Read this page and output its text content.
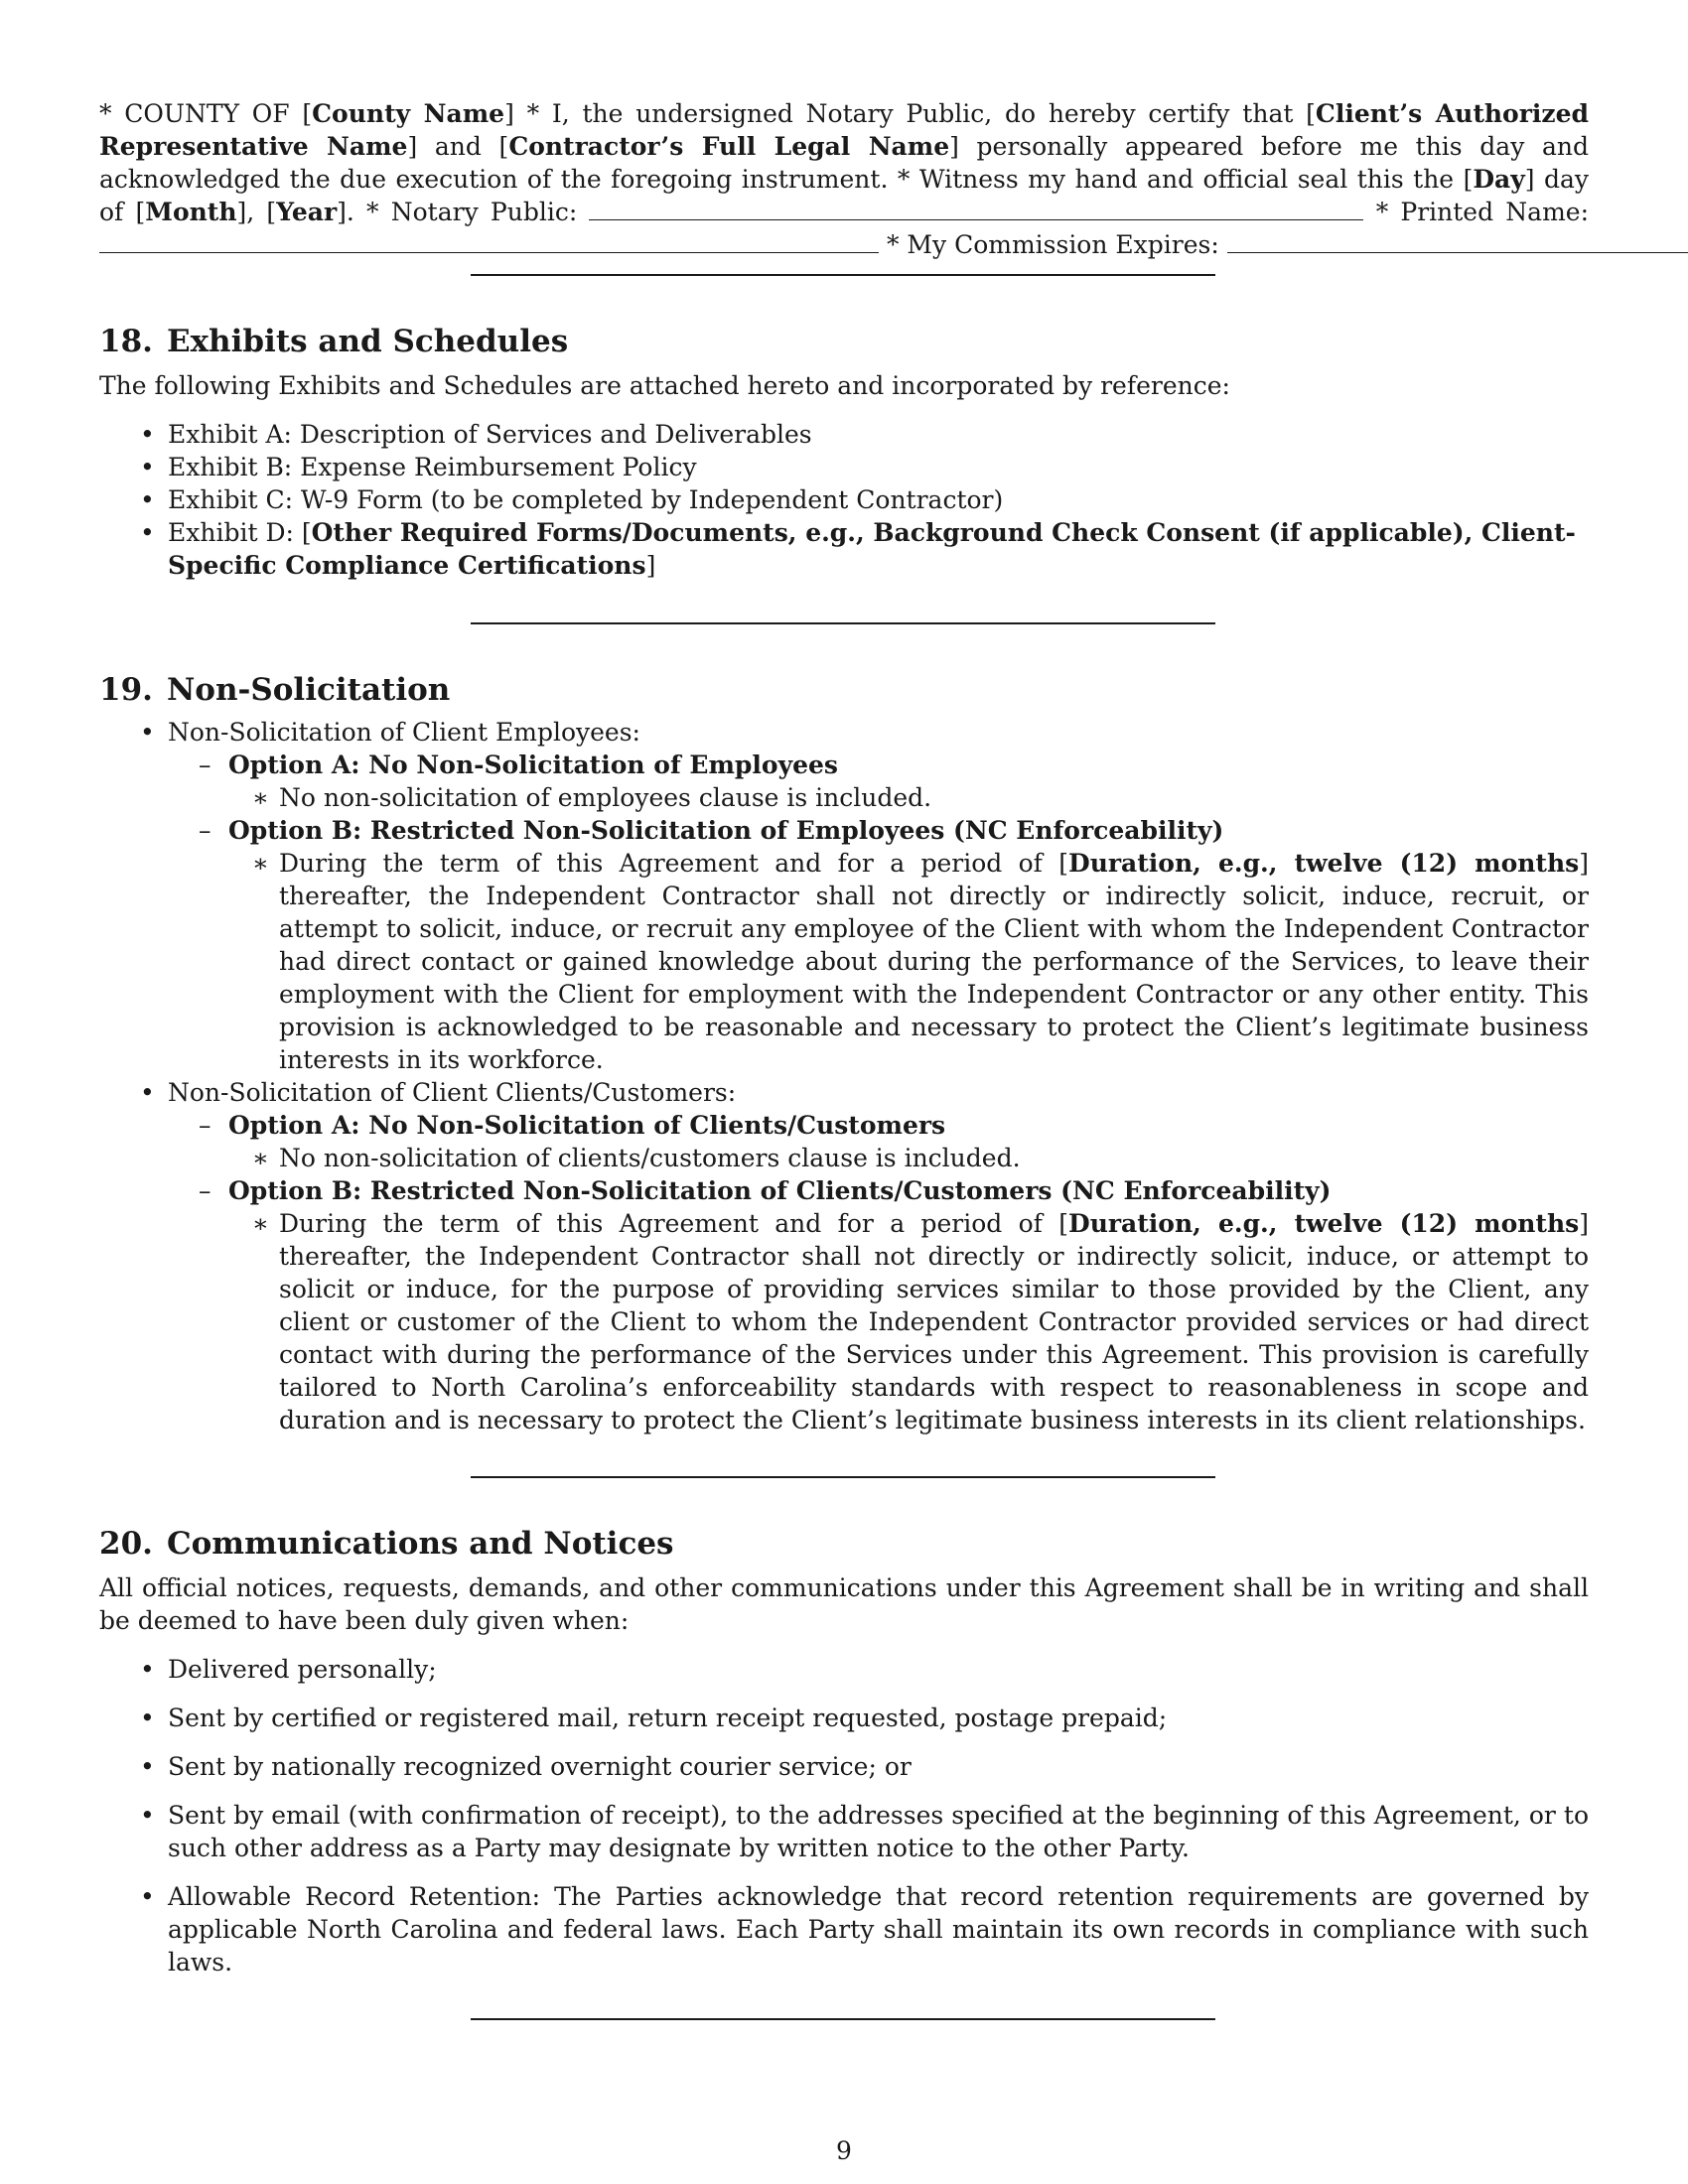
* COUNTY OF [County Name] * I, the undersigned Notary Public, do hereby certify that [Client’s Authorized Representative Name] and [Contractor’s Full Legal Name] personally appeared before me this day and acknowledged the due execution of the foregoing instrument. * Witness my hand and official seal this the [Day] day of [Month], [Year]. * Notary Public:	* Printed Name:

* My Commission Expires:

18. Exhibits and Schedules

The following Exhibits and Schedules are attached hereto and incorporated by reference:

• Exhibit A: Description of Services and Deliverables
• Exhibit B: Expense Reimbursement Policy
• Exhibit C: W-9 Form (to be completed by Independent Contractor)
• Exhibit D: [Other Required Forms/Documents, e.g., Background Check Consent (if applicable), Client-Specific Compliance Certifications]
19. Non-Solicitation
• Non-Solicitation of Client Employees:
– Option A: No Non-Solicitation of Employees
∗ No non-solicitation of employees clause is included.
– Option B: Restricted Non-Solicitation of Employees (NC Enforceability)
∗ During the term of this Agreement and for a period of [Duration, e.g., twelve (12) months] thereafter, the Independent Contractor shall not directly or indirectly solicit, induce, recruit, or attempt to solicit, induce, or recruit any employee of the Client with whom the Independent Contractor had direct contact or gained knowledge about during the performance of the Services, to leave their employment with the Client for employment with the Independent Contractor or any other entity. This provision is acknowledged to be reasonable and necessary to protect the Client’s legitimate business interests in its workforce.
• Non-Solicitation of Client Clients/Customers:
– Option A: No Non-Solicitation of Clients/Customers
∗ No non-solicitation of clients/customers clause is included.
– Option B: Restricted Non-Solicitation of Clients/Customers (NC Enforceability)
∗ During the term of this Agreement and for a period of [Duration, e.g., twelve (12) months] thereafter, the Independent Contractor shall not directly or indirectly solicit, induce, or attempt to solicit or induce, for the purpose of providing services similar to those provided by the Client, any client or customer of the Client to whom the Independent Contractor provided services or had direct contact with during the performance of the Services under this Agreement. This provision is carefully tailored to North Carolina’s enforceability standards with respect to reasonableness in scope and duration and is necessary to protect the Client’s legitimate business interests in its client relationships.
20. Communications and Notices

All official notices, requests, demands, and other communications under this Agreement shall be in writing and shall be deemed to have been duly given when:

• Delivered personally;
• Sent by certified or registered mail, return receipt requested, postage prepaid;
• Sent by nationally recognized overnight courier service; or
• Sent by email (with confirmation of receipt), to the addresses specified at the beginning of this Agreement, or to such other address as a Party may designate by written notice to the other Party.
• Allowable Record Retention: The Parties acknowledge that record retention requirements are governed by applicable North Carolina and federal laws. Each Party shall maintain its own records in compliance with such laws.
9
